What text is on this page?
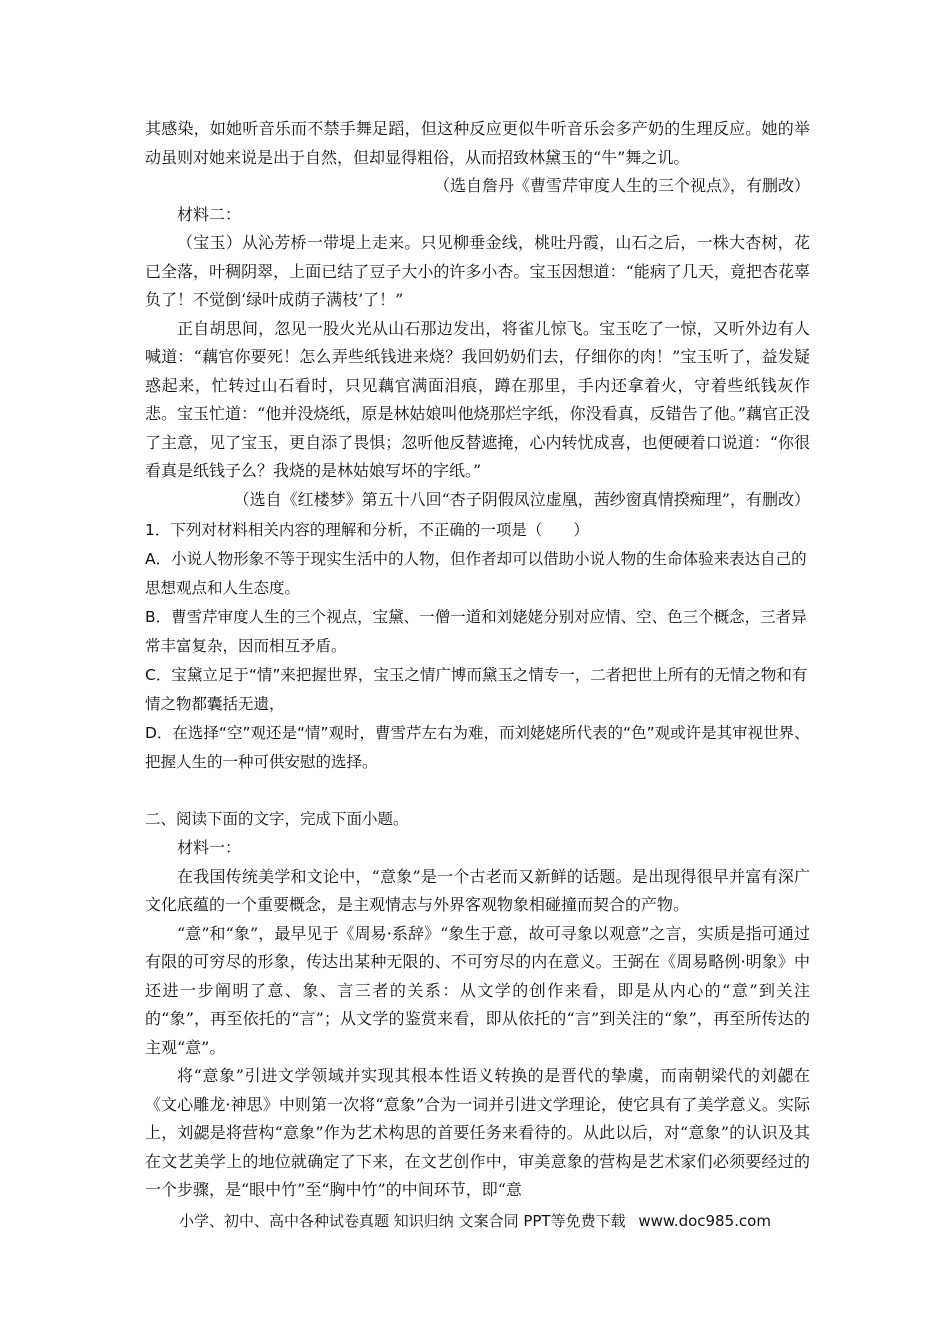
其感染，如她听音乐而不禁手舞足蹈，但这种反应更似牛听音乐会多产奶的生理反应。她的举动虽则对她来说是出于自然，但却显得粗俗，从而招致林黛玉的“牛”舞之讥。

（选自詹丹《曹雪芹审度人生的三个视点》，有删改）

材料二：

（宝玉）从沁芳桥一带堤上走来。只见柳垂金线，桃吐丹霞，山石之后，一株大杏树，花已全落，叶稠阴翠，上面已结了豆子大小的许多小杏。宝玉因想道：“能病了几天，竟把杏花辜负了！不觉倒‘绿叶成荫子满枝’了！”

正自胡思间，忽见一股火光从山石那边发出，将雀儿惊飞。宝玉吃了一惊，又听外边有人喊道：“藕官你要死！怎么弄些纸钱进来烧？我回奶奶们去，仔细你的肉！”宝玉听了，益发疑惑起来，忙转过山石看时，只见藕官满面泪痕，蹲在那里，手内还拿着火，守着些纸钱灰作悲。宝玉忙道：“他并没烧纸，原是林姑娘叫他烧那烂字纸，你没看真，反错告了他。”藕官正没了主意，见了宝玉，更自添了畏惧；忽听他反替遮掩，心内转忧成喜，也便硬着口说道：“你很看真是纸钱子么？我烧的是林姑娘写坏的字纸。”

（选自《红楼梦》第五十八回“杏子阴假凤泣虚凰，茜纱窗真情揆痴理”，有删改）

1．下列对材料相关内容的理解和分析，不正确的一项是（　　）

A．小说人物形象不等于现实生活中的人物，但作者却可以借助小说人物的生命体验来表达自己的思想观点和人生态度。

B．曹雪芹审度人生的三个视点，宝黛、一僧一道和刘姥姥分别对应情、空、色三个概念，三者异常丰富复杂，因而相互矛盾。

C．宝黛立足于“情”来把握世界，宝玉之情广博而黛玉之情专一，二者把世上所有的无情之物和有情之物都囊括无遗，

D．在选择“空”观还是“情”观时，曹雪芹左右为难，而刘姥姥所代表的“色”观或许是其审视世界、把握人生的一种可供安慰的选择。

二、阅读下面的文字，完成下面小题。

材料一：

在我国传统美学和文论中，“意象”是一个古老而又新鲜的话题。是出现得很早并富有深广文化底蕴的一个重要概念，是主观情志与外界客观物象相碰撞而契合的产物。

“意”和“象”，最早见于《周易·系辞》“象生于意，故可寻象以观意”之言，实质是指可通过有限的可穷尽的形象，传达出某种无限的、不可穷尽的内在意义。王弼在《周易略例·明象》中还进一步阐明了意、象、言三者的关系：从文学的创作来看，即是从内心的“意”到关注的“象”，再至依托的“言”；从文学的鉴赏来看，即从依托的“言”到关注的“象”，再至所传达的主观“意”。

将“意象”引进文学领域并实现其根本性语义转换的是晋代的挚虞，而南朝梁代的刘勰在《文心雕龙·神思》中则第一次将“意象”合为一词并引进文学理论，使它具有了美学意义。实际上，刘勰是将营构“意象”作为艺术构思的首要任务来看待的。从此以后，对“意象”的认识及其在文艺美学上的地位就确定了下来，在文艺创作中，审美意象的营构是艺术家们必须要经过的一个步骤，是“眼中竹”至“胸中竹”的中间环节，即“意

小学、初中、高中各种试卷真题 知识归纳 文案合同 PPT等免费下载 www.doc985.com
